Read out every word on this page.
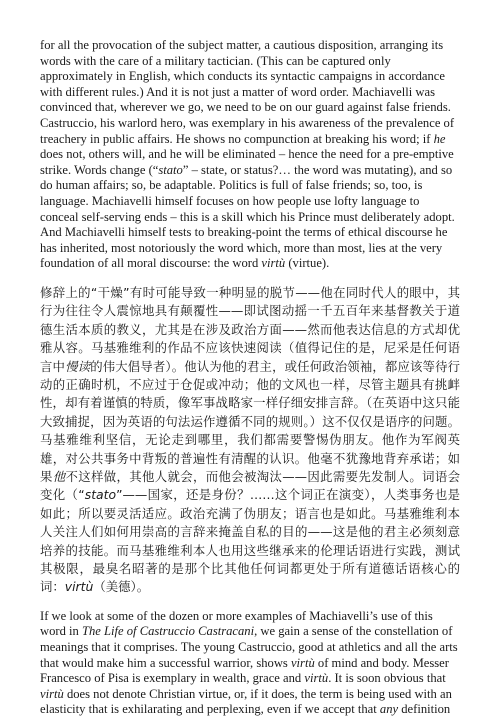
for all the provocation of the subject matter, a cautious disposition, arranging its words with the care of a military tactician. (This can be captured only approximately in English, which conducts its syntactic campaigns in accordance with different rules.) And it is not just a matter of word order. Machiavelli was convinced that, wherever we go, we need to be on our guard against false friends. Castruccio, his warlord hero, was exemplary in his awareness of the prevalence of treachery in public affairs. He shows no compunction at breaking his word; if he does not, others will, and he will be eliminated – hence the need for a pre-emptive strike. Words change (“stato” – state, or status?… the word was mutating), and so do human affairs; so, be adaptable. Politics is full of false friends; so, too, is language. Machiavelli himself focuses on how people use lofty language to conceal self-serving ends – this is a skill which his Prince must deliberately adopt. And Machiavelli himself tests to breaking-point the terms of ethical discourse he has inherited, most notoriously the word which, more than most, lies at the very foundation of all moral discourse: the word virtù (virtue).

修辞上的“干燥”有时可能导致一种明显的脱节——他在同时代人的眼中，其行为往往令人震惊地具有颠覆性——即试图动摇一千五百年来基督教关于道德生活本质的教义，尤其是在涉及政治方面——然而他表达信息的方式却优雅从容。马基雅维利的作品不应该快速阅读（值得记住的是，尼采是任何语言中慢读的伟大倡导者）。他认为他的君主，或任何政治领袖，都应该等待行动的正确时机，不应过于仓促或冲动；他的文风也一样，尽管主题具有挑衅性，却有着谨慎的特质，像军事战略家一样仔细安排言辞。（在英语中这只能大致捕捉，因为英语的句法运作遵循不同的规则。）这不仅仅是语序的问题。马基雅维利坚信，无论走到哪里，我们都需要警惕伪朋友。他作为军阀英雄，对公共事务中背叛的普遍性有清醒的认识。他毫不犹豫地背弃承诺；如果他不这样做，其他人就会，而他会被淘汰——因此需要先发制人。词语会变化（“stato”——国家，还是身份？……这个词正在演变），人类事务也是如此；所以要灵活适应。政治充满了伪朋友；语言也是如此。马基雅维利本人关注人们如何用崇高的言辞来掩盖自私的目的——这是他的君主必须刻意培养的技能。而马基雅维利本人也用这些继承来的伦理话语进行实践，测试其极限，最臭名昭著的是那个比其他任何词都更处于所有道德话语核心的词：virtù（美德）。

If we look at some of the dozen or more examples of Machiavelli’s use of this word in The Life of Castruccio Castracani, we gain a sense of the constellation of meanings that it comprises. The young Castruccio, good at athletics and all the arts that would make him a successful warrior, shows virtù of mind and body. Messer Francesco of Pisa is exemplary in wealth, grace and virtù. It is soon obvious that virtù does not denote Christian virtue, or, if it does, the term is being used with an elasticity that is exhilarating and perplexing, even if we accept that any definition
